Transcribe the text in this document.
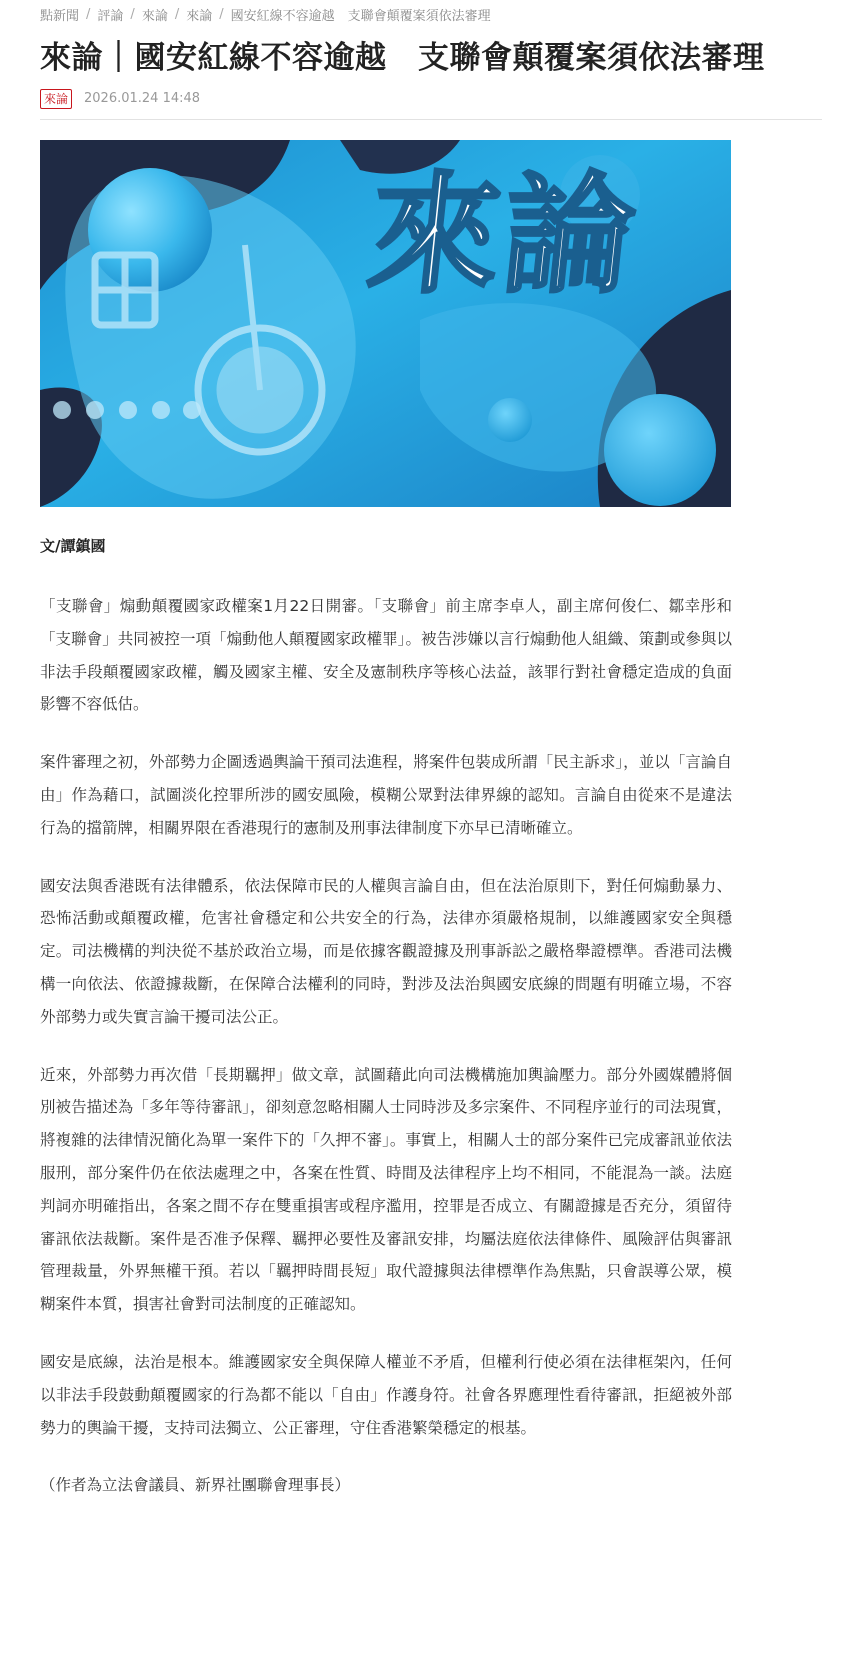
點新聞 / 評論 / 來論 / 來論 / 國安紅線不容逾越　支聯會顛覆案須依法審理
來論｜國安紅線不容逾越　支聯會顛覆案須依法審理
來論	2026.01.24 14:48
來論
文/譚鎮國

「支聯會」煽動顛覆國家政權案1月22日開審。「支聯會」前主席李卓人，副主席何俊仁、鄒幸彤和「支聯會」共同被控一項「煽動他人顛覆國家政權罪」。被告涉嫌以言行煽動他人組織、策劃或參與以非法手段顛覆國家政權，觸及國家主權、安全及憲制秩序等核心法益，該罪行對社會穩定造成的負面影響不容低估。

案件審理之初，外部勢力企圖透過輿論干預司法進程，將案件包裝成所謂「民主訴求」，並以「言論自由」作為藉口，試圖淡化控罪所涉的國安風險，模糊公眾對法律界線的認知。言論自由從來不是違法行為的擋箭牌，相關界限在香港現行的憲制及刑事法律制度下亦早已清晰確立。

國安法與香港既有法律體系，依法保障市民的人權與言論自由，但在法治原則下，對任何煽動暴力、恐怖活動或顛覆政權，危害社會穩定和公共安全的行為，法律亦須嚴格規制，以維護國家安全與穩定。司法機構的判決從不基於政治立場，而是依據客觀證據及刑事訴訟之嚴格舉證標準。香港司法機構一向依法、依證據裁斷，在保障合法權利的同時，對涉及法治與國安底線的問題有明確立場，不容外部勢力或失實言論干擾司法公正。

近來，外部勢力再次借「長期羈押」做文章，試圖藉此向司法機構施加輿論壓力。部分外國媒體將個別被告描述為「多年等待審訊」，卻刻意忽略相關人士同時涉及多宗案件、不同程序並行的司法現實，將複雜的法律情況簡化為單一案件下的「久押不審」。事實上，相關人士的部分案件已完成審訊並依法服刑，部分案件仍在依法處理之中，各案在性質、時間及法律程序上均不相同，不能混為一談。法庭判詞亦明確指出，各案之間不存在雙重損害或程序濫用，控罪是否成立、有關證據是否充分，須留待審訊依法裁斷。案件是否准予保釋、羈押必要性及審訊安排，均屬法庭依法律條件、風險評估與審訊管理裁量，外界無權干預。若以「羈押時間長短」取代證據與法律標準作為焦點，只會誤導公眾，模糊案件本質，損害社會對司法制度的正確認知。

國安是底線，法治是根本。維護國家安全與保障人權並不矛盾，但權利行使必須在法律框架內，任何以非法手段鼓動顛覆國家的行為都不能以「自由」作護身符。社會各界應理性看待審訊，拒絕被外部勢力的輿論干擾，支持司法獨立、公正審理，守住香港繁榮穩定的根基。

（作者為立法會議員、新界社團聯會理事長）
